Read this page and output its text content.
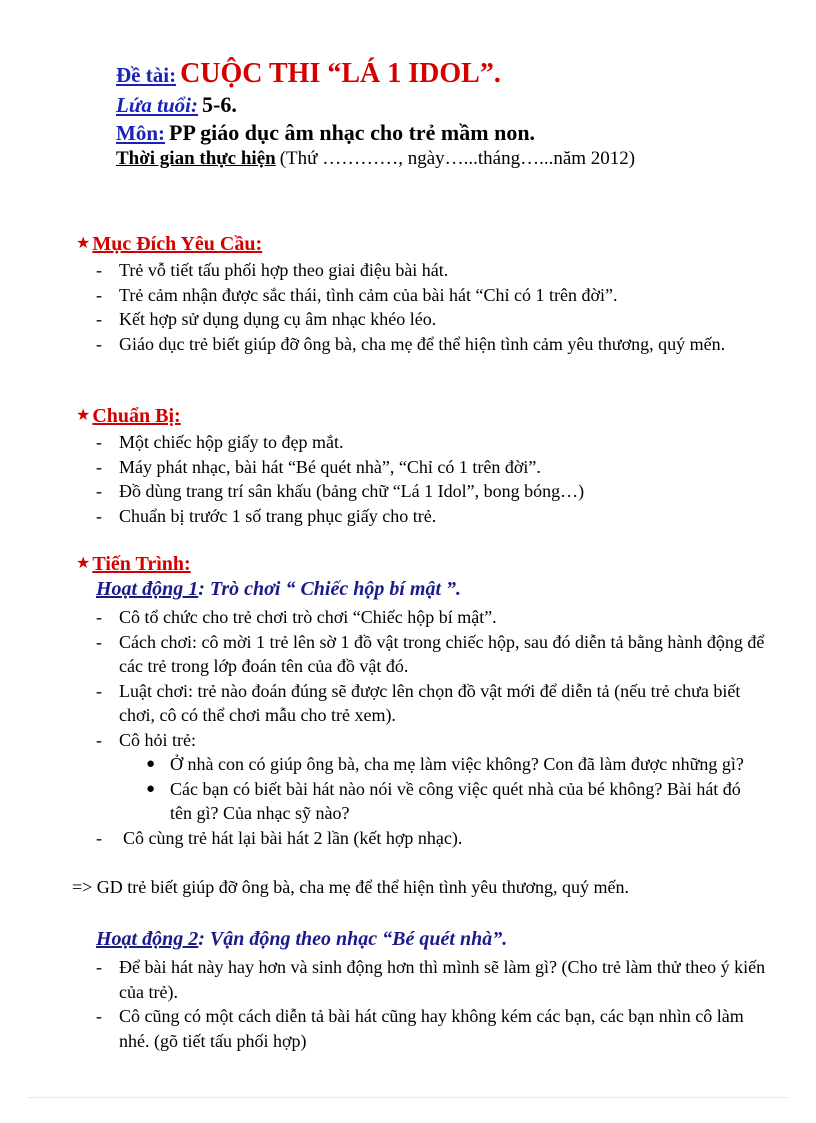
Đề tài: CUỘC THI “LÁ 1 IDOL”.

Lứa tuổi: 5-6.

Môn: PP giáo dục âm nhạc cho trẻ mầm non.

Thời gian thực hiện (Thứ …………, ngày…...tháng…...năm 2012)

★ Mục Đích Yêu Cầu:
- Trẻ vỗ tiết tấu phối hợp theo giai điệu bài hát.
- Trẻ cảm nhận được sắc thái, tình cảm của bài hát “Chỉ có 1 trên đời”.
- Kết hợp sử dụng dụng cụ âm nhạc khéo léo.
- Giáo dục trẻ biết giúp đỡ ông bà, cha mẹ để thể hiện tình cảm yêu thương, quý mến.
★ Chuẩn Bị:
- Một chiếc hộp giấy to đẹp mắt.
- Máy phát nhạc, bài hát “Bé quét nhà”, “Chỉ có 1 trên đời”.
- Đồ dùng trang trí sân khấu (bảng chữ “Lá 1 Idol”, bong bóng…)
- Chuẩn bị trước 1 số trang phục giấy cho trẻ.
★ Tiến Trình:
Hoạt động 1: Trò chơi “ Chiếc hộp bí mật ”.
- Cô tổ chức cho trẻ chơi trò chơi “Chiếc hộp bí mật”.
- Cách chơi: cô mời 1 trẻ lên sờ 1 đồ vật trong chiếc hộp, sau đó diễn tả bằng hành động để các trẻ trong lớp đoán tên của đồ vật đó.
- Luật chơi: trẻ nào đoán đúng sẽ được lên chọn đồ vật mới để diễn tả (nếu trẻ chưa biết chơi, cô có thể chơi mẫu cho trẻ xem).
- Cô hỏi trẻ:
● Ở nhà con có giúp ông bà, cha mẹ làm việc không? Con đã làm được những gì?
● Các bạn có biết bài hát nào nói về công việc quét nhà của bé không? Bài hát đó tên gì? Của nhạc sỹ nào?
- Cô cùng trẻ hát lại bài hát 2 lần (kết hợp nhạc).
=> GD trẻ biết giúp đỡ ông bà, cha mẹ để thể hiện tình yêu thương, quý mến.
Hoạt động 2: Vận động theo nhạc “Bé quét nhà”.
- Để bài hát này hay hơn và sinh động hơn thì mình sẽ làm gì? (Cho trẻ làm thử theo ý kiến của trẻ).
- Cô cũng có một cách diễn tả bài hát cũng hay không kém các bạn, các bạn nhìn cô làm nhé. (gõ tiết tấu phối hợp)
